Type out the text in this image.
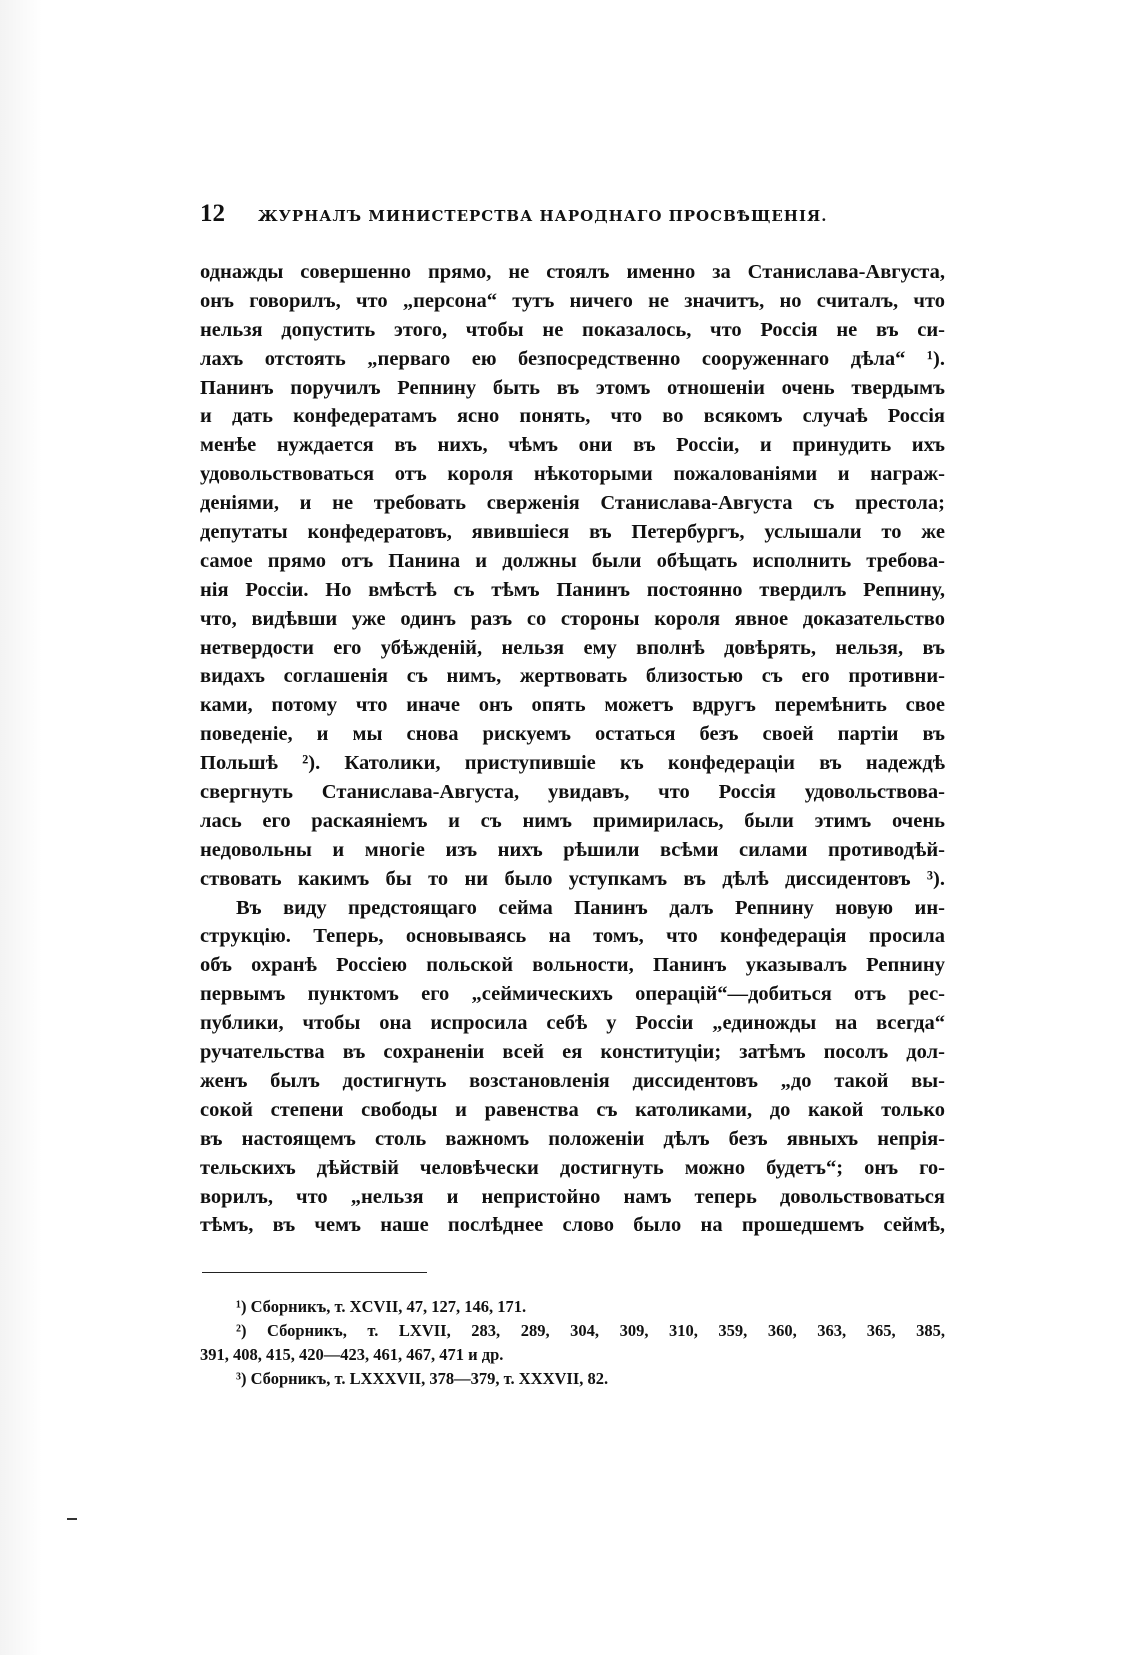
12	ЖУРНАЛЪ МИНИСТЕРСТВА НАРОДНАГО ПРОСВѢЩЕНІЯ.
однажды совершенно прямо, не стоялъ именно за Станислава-Августа,
онъ говорилъ, что „персона“ тутъ ничего не значитъ, но считалъ, что
нельзя допустить этого, чтобы не показалось, что Россія не въ си-
лахъ отстоять „перваго ею безпосредственно сооруженнаго дѣла“ ¹).
Панинъ поручилъ Репнину быть въ этомъ отношеніи очень твердымъ
и дать конфедератамъ ясно понять, что во всякомъ случаѣ Россія
менѣе нуждается въ нихъ, чѣмъ они въ Россіи, и принудить ихъ
удовольствоваться отъ короля нѣкоторыми пожалованіями и награж-
деніями, и не требовать сверженія Станислава-Августа съ престола;
депутаты конфедератовъ, явившіеся въ Петербургъ, услышали то же
самое прямо отъ Панина и должны были обѣщать исполнить требова-
нія Россіи. Но вмѣстѣ съ тѣмъ Панинъ постоянно твердилъ Репнину,
что, видѣвши уже одинъ разъ со стороны короля явное доказательство
нетвердости его убѣжденій, нельзя ему вполнѣ довѣрять, нельзя, въ
видахъ соглашенія съ нимъ, жертвовать близостью съ его противни-
ками, потому что иначе онъ опять можетъ вдругъ перемѣнить свое
поведеніе, и мы снова рискуемъ остаться безъ своей партіи въ
Польшѣ ²). Католики, приступившіе къ конфедераціи въ надеждѣ
свергнуть Станислава-Августа, увидавъ, что Россія удовольствова-
лась его раскаяніемъ и съ нимъ примирилась, были этимъ очень
недовольны и многіе изъ нихъ рѣшили всѣми силами противодѣй-
ствовать какимъ бы то ни было уступкамъ въ дѣлѣ диссидентовъ ³).
Въ виду предстоящаго сейма Панинъ далъ Репнину новую ин-
струкцію. Теперь, основываясь на томъ, что конфедерація просила
объ охранѣ Россіею польской вольности, Панинъ указывалъ Репнину
первымъ пунктомъ его „сеймическихъ операцій“—добиться отъ рес-
публики, чтобы она испросила себѣ у Россіи „единожды на всегда“
ручательства въ сохраненіи всей ея конституціи; затѣмъ посолъ дол-
женъ былъ достигнуть возстановленія диссидентовъ „до такой вы-
сокой степени свободы и равенства съ католиками, до какой только
въ настоящемъ столь важномъ положеніи дѣлъ безъ явныхъ непрія-
тельскихъ дѣйствій человѣчески достигнуть можно будетъ“; онъ го-
ворилъ, что „нельзя и непристойно намъ теперь довольствоваться
тѣмъ, въ чемъ наше послѣднее слово было на прошедшемъ сеймѣ,
¹) Сборникъ, т. XCVII, 47, 127, 146, 171.
²) Сборникъ, т. LXVII, 283, 289, 304, 309, 310, 359, 360, 363, 365, 385,
391, 408, 415, 420—423, 461, 467, 471 и др.
³) Сборникъ, т. LXXXVII, 378—379, т. XXXVII, 82.
